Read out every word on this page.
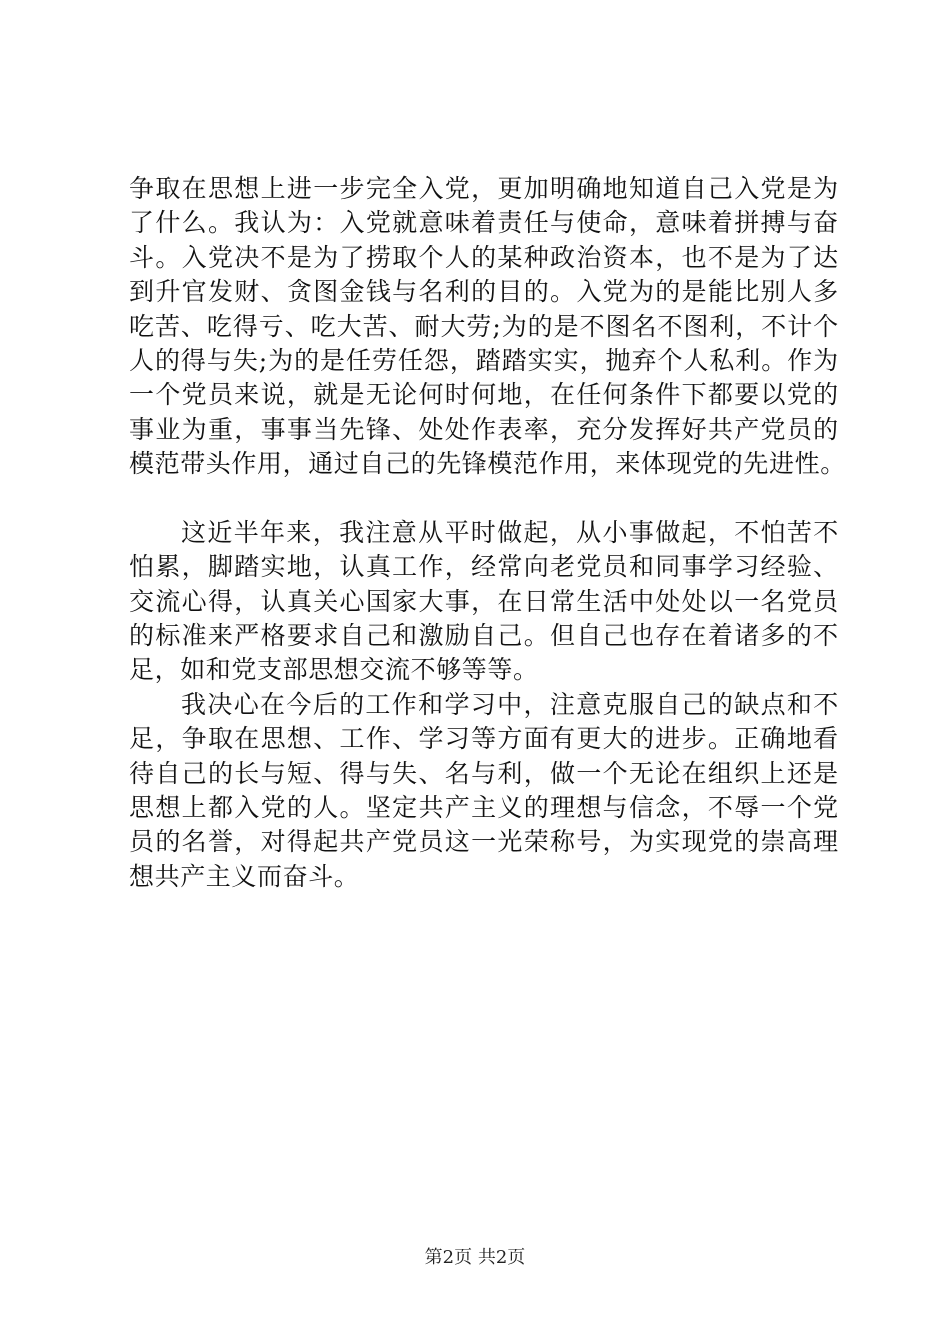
争 取 在 思 想 上 进 一 步 完 全 入 党 ， 更 加 明 确 地 知 道 自 己 入 党 是 为
了 什 么 。 我 认 为 ： 入 党 就 意 味 着 责 任 与 使 命 ， 意 味 着 拼 搏 与 奋
斗 。 入 党 决 不 是 为 了 捞 取 个 人 的 某 种 政 治 资 本 ， 也 不 是 为 了 达
到 升 官 发 财 、 贪 图 金 钱 与 名 利 的 目 的 。 入 党 为 的 是 能 比 别 人 多
吃 苦 、 吃 得 亏 、 吃 大 苦 、 耐 大 劳 ; 为 的 是 不 图 名 不 图 利 ， 不 计 个
人 的 得 与 失 ; 为 的 是 任 劳 任 怨 ， 踏 踏 实 实 ， 抛 弃 个 人 私 利 。 作 为
一 个 党 员 来 说 ， 就 是 无 论 何 时 何 地 ， 在 任 何 条 件 下 都 要 以 党 的
事 业 为 重 ， 事 事 当 先 锋 、 处 处 作 表 率 ， 充 分 发 挥 好 共 产 党 员 的
模范带头作用，通过自己的先锋模范作用，来体现党的先进性。
这 近 半 年 来 ， 我 注 意 从 平 时 做 起 ， 从 小 事 做 起 ， 不 怕 苦 不
怕 累 ， 脚 踏 实 地 ， 认 真 工 作 ， 经 常 向 老 党 员 和 同 事 学 习 经 验 、
交 流 心 得 ， 认 真 关 心 国 家 大 事 ， 在 日 常 生 活 中 处 处 以 一 名 党 员
的 标 准 来 严 格 要 求 自 己 和 激 励 自 己 。 但 自 己 也 存 在 着 诸 多 的 不
足，如和党支部思想交流不够等等。
我 决 心 在 今 后 的 工 作 和 学 习 中 ， 注 意 克 服 自 己 的 缺 点 和 不
足 ， 争 取 在 思 想 、 工 作 、 学 习 等 方 面 有 更 大 的 进 步 。 正 确 地 看
待 自 己 的 长 与 短 、 得 与 失 、 名 与 利 ， 做 一 个 无 论 在 组 织 上 还 是
思 想 上 都 入 党 的 人 。 坚 定 共 产 主 义 的 理 想 与 信 念 ， 不 辱 一 个 党
员 的 名 誉 ， 对 得 起 共 产 党 员 这 一 光 荣 称 号 ， 为 实 现 党 的 崇 高 理
想共产主义而奋斗。
第2页 共2页
